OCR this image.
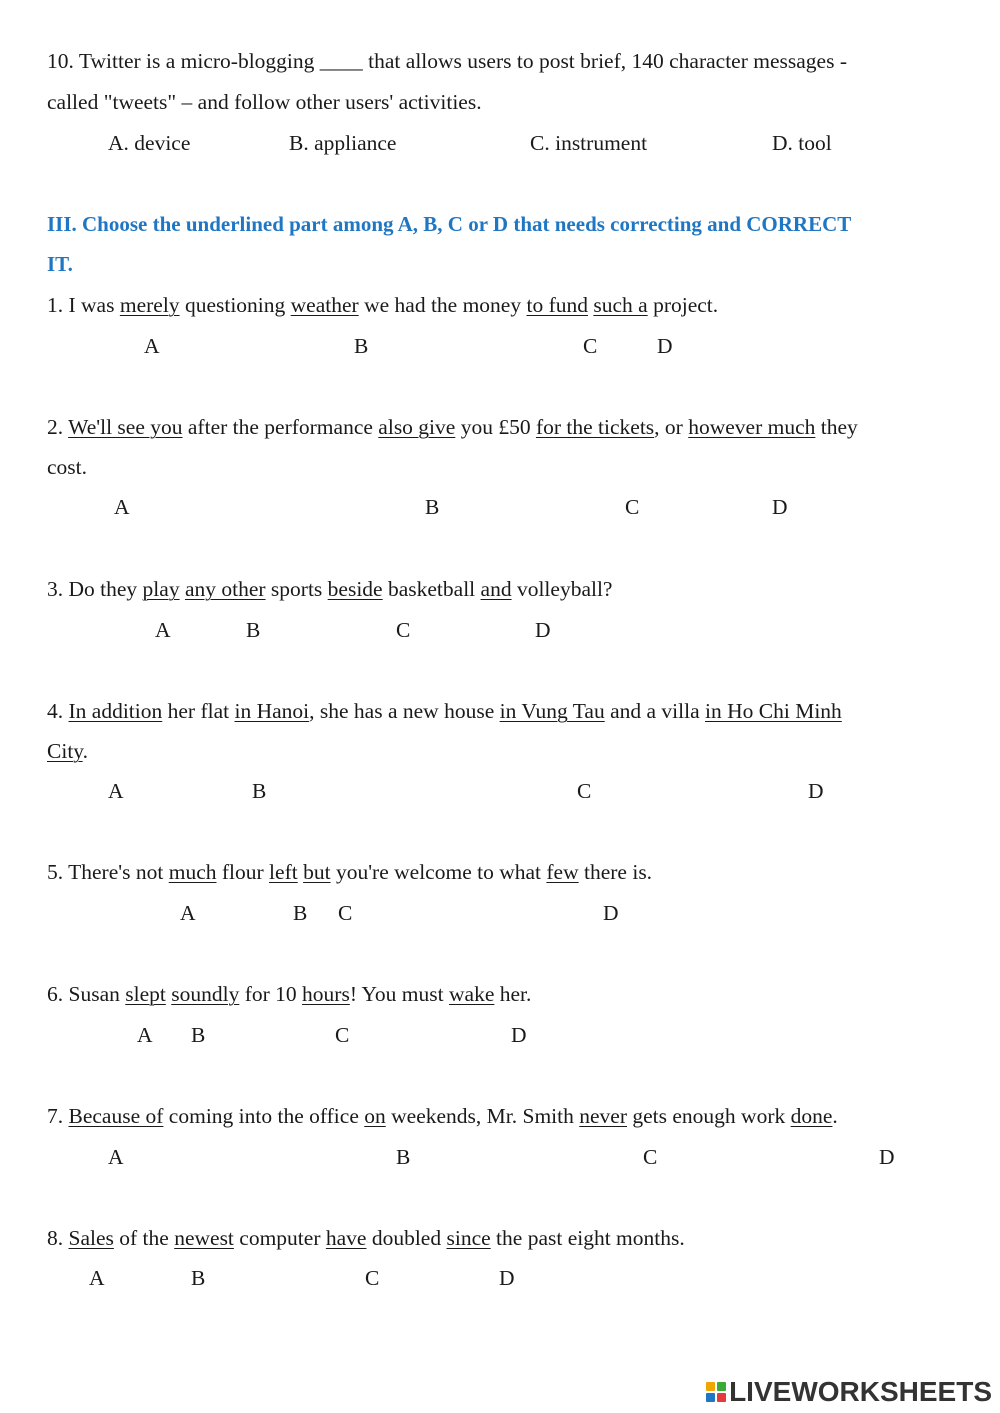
10. Twitter is a micro-blogging ____ that allows users to post brief, 140 character messages -
called "tweets" – and follow other users' activities.
A. device	B. appliance	C. instrument	D. tool
III. Choose the underlined part among A, B, C or D that needs correcting and CORRECT
IT.
1. I was merely questioning weather we had the money to fund such a project.
A	B	C	D
2. We'll see you after the performance also give you £50 for the tickets, or however much they
cost.
A	B	C	D
3. Do they play any other sports beside basketball and volleyball?
A	B	C	D
4. In addition her flat in Hanoi, she has a new house in Vung Tau and a villa in Ho Chi Minh
City.
A	B	C	D
5. There's not much flour left but you're welcome to what few there is.
A	B C	D
6. Susan slept soundly for 10 hours! You must wake her.
A B	C	D
7. Because of coming into the office on weekends, Mr. Smith never gets enough work done.
A	B	C	D
8. Sales of the newest computer have doubled since the past eight months.
A	B	C	D
LIVEWORKSHEETS
